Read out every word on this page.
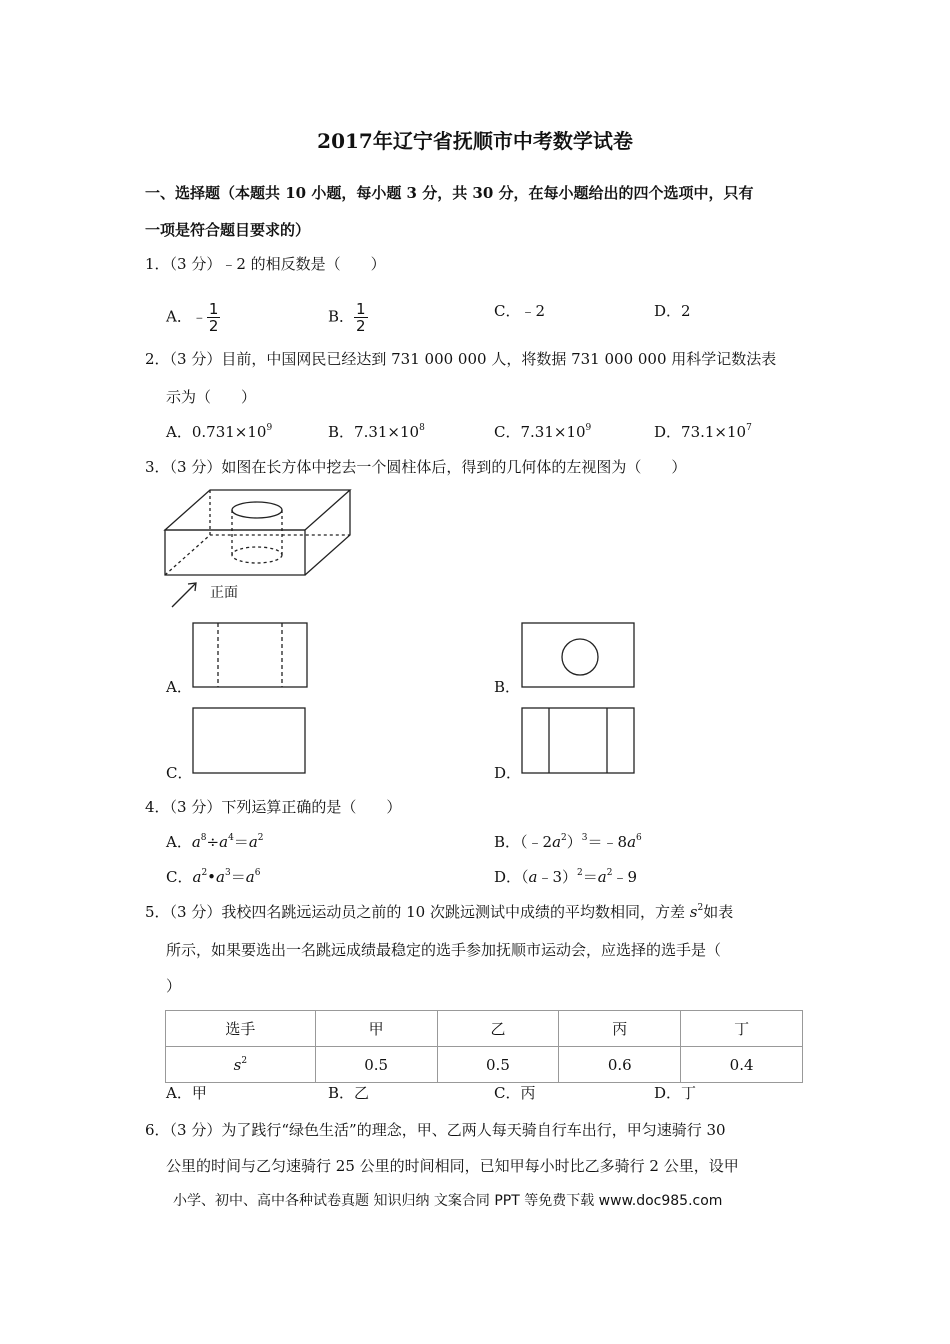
2017年辽宁省抚顺市中考数学试卷
一、选择题（本题共 10 小题，每小题 3 分，共 30 分，在每小题给出的四个选项中，只有
一项是符合题目要求的）
1．（3 分）﹣2 的相反数是（　　）
A．﹣ $\frac{1}{2}$	B． $\frac{1}{2}$	C．﹣2	D．2
2．（3 分）目前，中国网民已经达到 731 000 000 人，将数据 731 000 000 用科学记数法表
示为（　　）
A．$0.731\times 10^9$	B．$7.31\times 10^8$	C．$7.31\times 10^9$	D．$73.1\times 10^7$
3．（3 分）如图在长方体中挖去一个圆柱体后，得到的几何体的左视图为（　　）
正面
A．	B．
C．	D．
4．（3 分）下列运算正确的是（　　）
A．$a^8\div a^4=a^2$	B．$(﹣2a^2)^3=﹣8a^6$
C．$a^2•a^3=a^6$	D．$(a﹣3)^2=a^2﹣9$
5．（3 分）我校四名跳远运动员之前的 10 次跳远测试中成绩的平均数相同，方差 $s^2$如表
所示，如果要选出一名跳远成绩最稳定的选手参加抚顺市运动会，应选择的选手是（
）
选手	甲	乙	丙	丁
$s^2$	0.5	0.5	0.6	0.4
A．甲	B．乙	C．丙	D．丁
6．（3 分）为了践行“绿色生活”的理念，甲、乙两人每天骑自行车出行，甲匀速骑行 30
公里的时间与乙匀速骑行 25 公里的时间相同，已知甲每小时比乙多骑行 2 公里，设甲
小学、初中、高中各种试卷真题 知识归纳 文案合同 PPT 等免费下载 www.doc985.com
